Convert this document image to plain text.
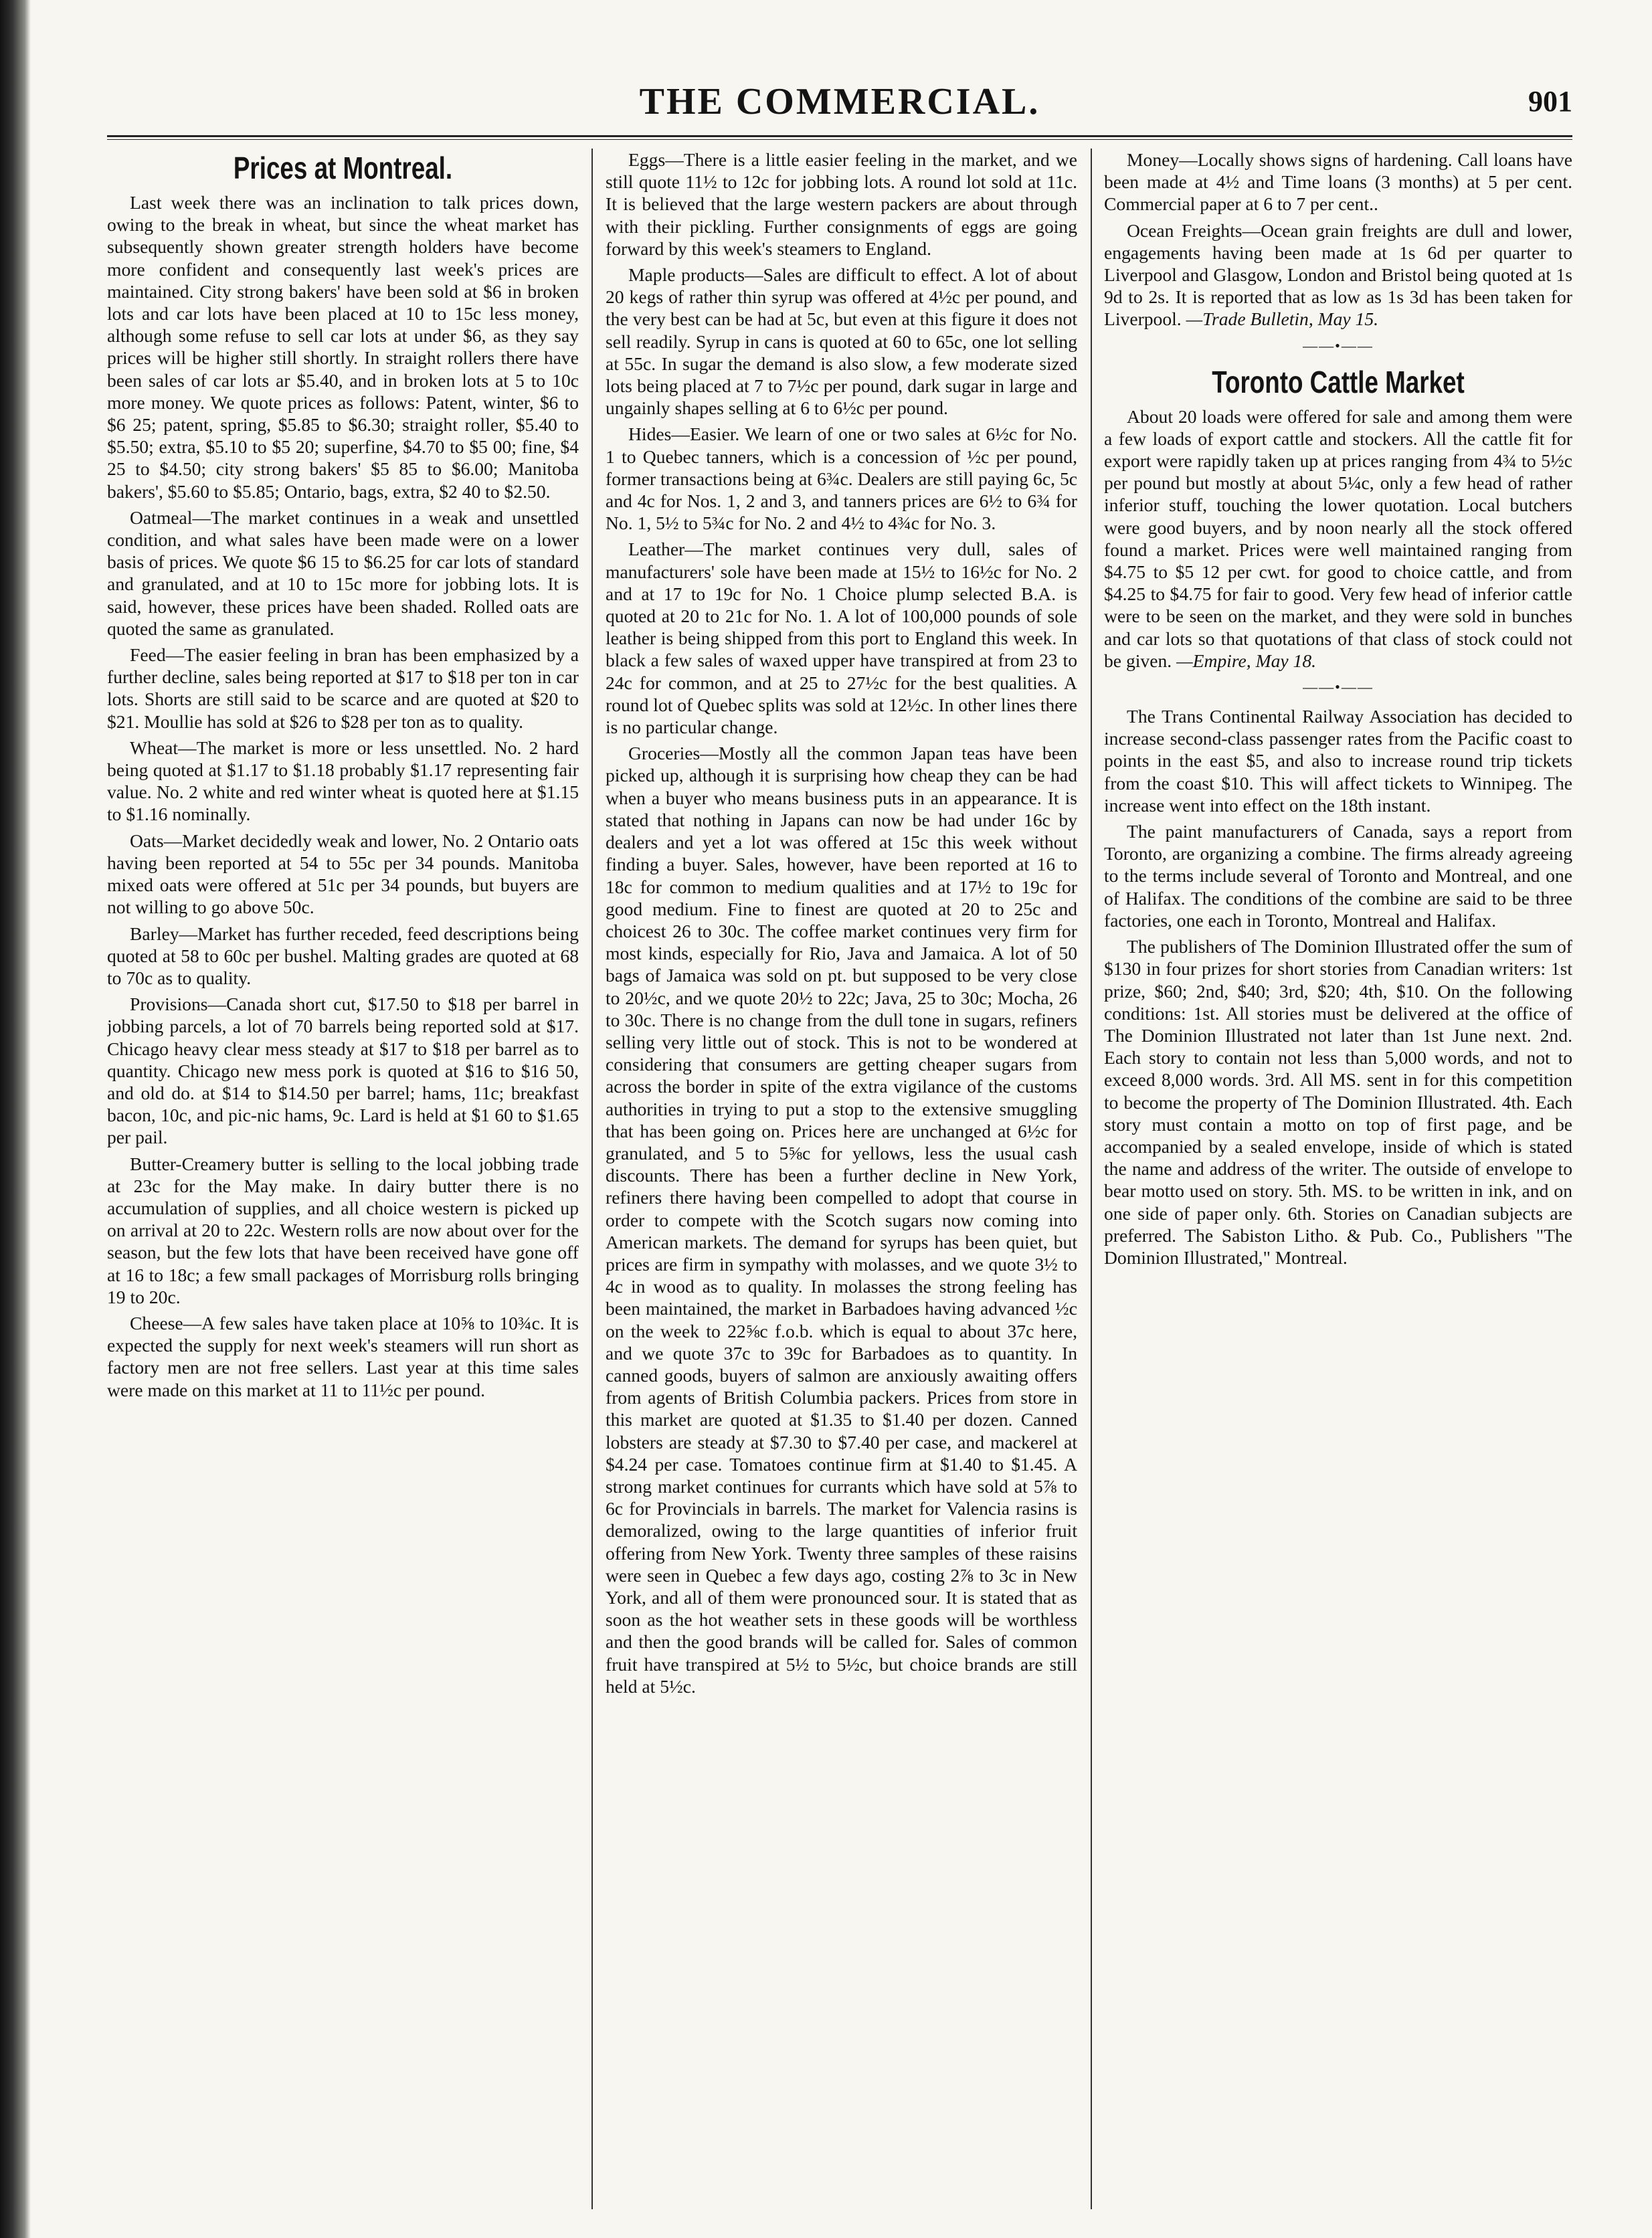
THE COMMERCIAL.	901
Prices at Montreal.

Last week there was an inclination to talk prices down, owing to the break in wheat, but since the wheat market has subsequently shown greater strength holders have become more confident and consequently last week's prices are maintained. City strong bakers' have been sold at $6 in broken lots and car lots have been placed at 10 to 15c less money, although some refuse to sell car lots at under $6, as they say prices will be higher still shortly. In straight rollers there have been sales of car lots ar $5.40, and in broken lots at 5 to 10c more money. We quote prices as follows: Patent, winter, $6 to $6 25; patent, spring, $5.85 to $6.30; straight roller, $5.40 to $5.50; extra, $5.10 to $5 20; superfine, $4.70 to $5 00; fine, $4 25 to $4.50; city strong bakers' $5 85 to $6.00; Manitoba bakers', $5.60 to $5.85; Ontario, bags, extra, $2 40 to $2.50.

Oatmeal—The market continues in a weak and unsettled condition, and what sales have been made were on a lower basis of prices. We quote $6 15 to $6.25 for car lots of standard and granulated, and at 10 to 15c more for jobbing lots. It is said, however, these prices have been shaded. Rolled oats are quoted the same as granulated.

Feed—The easier feeling in bran has been emphasized by a further decline, sales being reported at $17 to $18 per ton in car lots. Shorts are still said to be scarce and are quoted at $20 to $21. Moullie has sold at $26 to $28 per ton as to quality.

Wheat—The market is more or less unsettled. No. 2 hard being quoted at $1.17 to $1.18 probably $1.17 representing fair value. No. 2 white and red winter wheat is quoted here at $1.15 to $1.16 nominally.

Oats—Market decidedly weak and lower, No. 2 Ontario oats having been reported at 54 to 55c per 34 pounds. Manitoba mixed oats were offered at 51c per 34 pounds, but buyers are not willing to go above 50c.

Barley—Market has further receded, feed descriptions being quoted at 58 to 60c per bushel. Malting grades are quoted at 68 to 70c as to quality.

Provisions—Canada short cut, $17.50 to $18 per barrel in jobbing parcels, a lot of 70 barrels being reported sold at $17. Chicago heavy clear mess steady at $17 to $18 per barrel as to quantity. Chicago new mess pork is quoted at $16 to $16 50, and old do. at $14 to $14.50 per barrel; hams, 11c; breakfast bacon, 10c, and pic-nic hams, 9c. Lard is held at $1 60 to $1.65 per pail.

Butter-Creamery butter is selling to the local jobbing trade at 23c for the May make. In dairy butter there is no accumulation of supplies, and all choice western is picked up on arrival at 20 to 22c. Western rolls are now about over for the season, but the few lots that have been received have gone off at 16 to 18c; a few small packages of Morrisburg rolls bringing 19 to 20c.

Cheese—A few sales have taken place at 10⅝ to 10¾c. It is expected the supply for next week's steamers will run short as factory men are not free sellers. Last year at this time sales were made on this market at 11 to 11½c per pound.

Eggs—There is a little easier feeling in the market, and we still quote 11½ to 12c for jobbing lots. A round lot sold at 11c. It is believed that the large western packers are about through with their pickling. Further consignments of eggs are going forward by this week's steamers to England.

Maple products—Sales are difficult to effect. A lot of about 20 kegs of rather thin syrup was offered at 4½c per pound, and the very best can be had at 5c, but even at this figure it does not sell readily. Syrup in cans is quoted at 60 to 65c, one lot selling at 55c. In sugar the demand is also slow, a few moderate sized lots being placed at 7 to 7½c per pound, dark sugar in large and ungainly shapes selling at 6 to 6½c per pound.

Hides—Easier. We learn of one or two sales at 6½c for No. 1 to Quebec tanners, which is a concession of ½c per pound, former transactions being at 6¾c. Dealers are still paying 6c, 5c and 4c for Nos. 1, 2 and 3, and tanners prices are 6½ to 6¾ for No. 1, 5½ to 5¾c for No. 2 and 4½ to 4¾c for No. 3.

Leather—The market continues very dull, sales of manufacturers' sole have been made at 15½ to 16½c for No. 2 and at 17 to 19c for No. 1 Choice plump selected B.A. is quoted at 20 to 21c for No. 1. A lot of 100,000 pounds of sole leather is being shipped from this port to England this week. In black a few sales of waxed upper have transpired at from 23 to 24c for common, and at 25 to 27½c for the best qualities. A round lot of Quebec splits was sold at 12½c. In other lines there is no particular change.

Groceries—Mostly all the common Japan teas have been picked up, although it is surprising how cheap they can be had when a buyer who means business puts in an appearance. It is stated that nothing in Japans can now be had under 16c by dealers and yet a lot was offered at 15c this week without finding a buyer. Sales, however, have been reported at 16 to 18c for common to medium qualities and at 17½ to 19c for good medium. Fine to finest are quoted at 20 to 25c and choicest 26 to 30c. The coffee market continues very firm for most kinds, especially for Rio, Java and Jamaica. A lot of 50 bags of Jamaica was sold on pt. but supposed to be very close to 20½c, and we quote 20½ to 22c; Java, 25 to 30c; Mocha, 26 to 30c. There is no change from the dull tone in sugars, refiners selling very little out of stock. This is not to be wondered at considering that consumers are getting cheaper sugars from across the border in spite of the extra vigilance of the customs authorities in trying to put a stop to the extensive smuggling that has been going on. Prices here are unchanged at 6½c for granulated, and 5 to 5⅝c for yellows, less the usual cash discounts. There has been a further decline in New York, refiners there having been compelled to adopt that course in order to compete with the Scotch sugars now coming into American markets. The demand for syrups has been quiet, but prices are firm in sympathy with molasses, and we quote 3½ to 4c in wood as to quality. In molasses the strong feeling has been maintained, the market in Barbadoes having advanced ½c on the week to 22⅝c f.o.b. which is equal to about 37c here, and we quote 37c to 39c for Barbadoes as to quantity. In canned goods, buyers of salmon are anxiously awaiting offers from agents of British Columbia packers. Prices from store in this market are quoted at $1.35 to $1.40 per dozen. Canned lobsters are steady at $7.30 to $7.40 per case, and mackerel at $4.24 per case. Tomatoes continue firm at $1.40 to $1.45. A strong market continues for currants which have sold at 5⅞ to 6c for Provincials in barrels. The market for Valencia rasins is demoralized, owing to the large quantities of inferior fruit offering from New York. Twenty three samples of these raisins were seen in Quebec a few days ago, costing 2⅞ to 3c in New York, and all of them were pronounced sour. It is stated that as soon as the hot weather sets in these goods will be worthless and then the good brands will be called for. Sales of common fruit have transpired at 5½ to 5½c, but choice brands are still held at 5½c.

Money—Locally shows signs of hardening. Call loans have been made at 4½ and Time loans (3 months) at 5 per cent. Commercial paper at 6 to 7 per cent..

Ocean Freights—Ocean grain freights are dull and lower, engagements having been made at 1s 6d per quarter to Liverpool and Glasgow, London and Bristol being quoted at 1s 9d to 2s. It is reported that as low as 1s 3d has been taken for Liverpool. —Trade Bulletin, May 15.

——•——
Toronto Cattle Market

About 20 loads were offered for sale and among them were a few loads of export cattle and stockers. All the cattle fit for export were rapidly taken up at prices ranging from 4¾ to 5½c per pound but mostly at about 5¼c, only a few head of rather inferior stuff, touching the lower quotation. Local butchers were good buyers, and by noon nearly all the stock offered found a market. Prices were well maintained ranging from $4.75 to $5 12 per cwt. for good to choice cattle, and from $4.25 to $4.75 for fair to good. Very few head of inferior cattle were to be seen on the market, and they were sold in bunches and car lots so that quotations of that class of stock could not be given. —Empire, May 18.

——•——

The Trans Continental Railway Association has decided to increase second-class passenger rates from the Pacific coast to points in the east $5, and also to increase round trip tickets from the coast $10. This will affect tickets to Winnipeg. The increase went into effect on the 18th instant.

The paint manufacturers of Canada, says a report from Toronto, are organizing a combine. The firms already agreeing to the terms include several of Toronto and Montreal, and one of Halifax. The conditions of the combine are said to be three factories, one each in Toronto, Montreal and Halifax.

The publishers of The Dominion Illustrated offer the sum of $130 in four prizes for short stories from Canadian writers: 1st prize, $60; 2nd, $40; 3rd, $20; 4th, $10. On the following conditions: 1st. All stories must be delivered at the office of The Dominion Illustrated not later than 1st June next. 2nd. Each story to contain not less than 5,000 words, and not to exceed 8,000 words. 3rd. All MS. sent in for this competition to become the property of The Dominion Illustrated. 4th. Each story must contain a motto on top of first page, and be accompanied by a sealed envelope, inside of which is stated the name and address of the writer. The outside of envelope to bear motto used on story. 5th. MS. to be written in ink, and on one side of paper only. 6th. Stories on Canadian subjects are preferred. The Sabiston Litho. & Pub. Co., Publishers "The Dominion Illustrated," Montreal.
